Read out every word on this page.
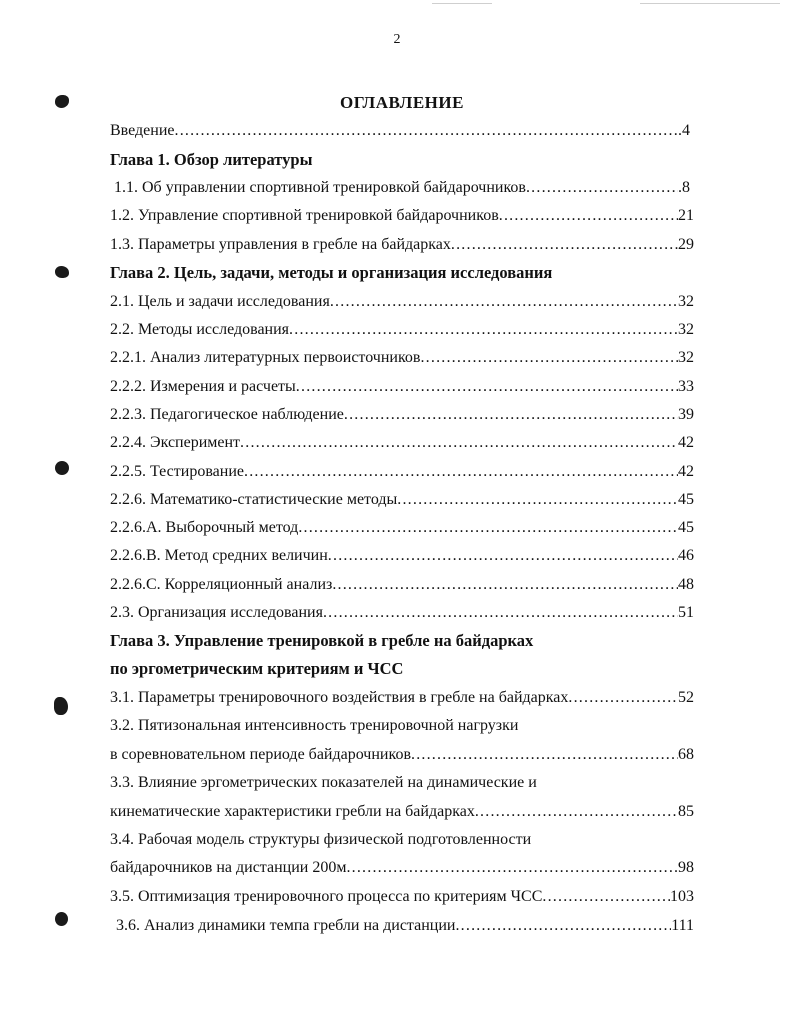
2
ОГЛАВЛЕНИЕ
Введение .....	.4
Глава 1. Обзор литературы
1.1. Об управлении спортивной тренировкой байдарочников .....	.8
1.2. Управление спортивной тренировкой байдарочников .....	21
1.3. Параметры управления в гребле на байдарках .....	29
Глава 2. Цель, задачи, методы и организация исследования
2.1. Цель и задачи исследования .....	32
2.2. Методы исследования .....	32
2.2.1. Анализ литературных первоисточников .....	32
2.2.2. Измерения и расчеты .....	33
2.2.3. Педагогическое наблюдение .....	39
2.2.4. Эксперимент .....	42
2.2.5. Тестирование .....	42
2.2.6. Математико-статистические методы .....	45
2.2.6.А. Выборочный метод .....	45
2.2.6.В. Метод средних величин .....	46
2.2.6.С. Корреляционный анализ .....	48
2.3. Организация исследования .....	51
Глава 3. Управление тренировкой в гребле на байдарках
по эргометрическим критериям и ЧСС
3.1. Параметры тренировочного воздействия в гребле на байдарках .....	52
3.2. Пятизональная интенсивность тренировочной нагрузки
в соревновательном периоде байдарочников .....	68
3.3. Влияние эргометрических показателей на динамические и
кинематические характеристики гребли на байдарках .....	85
3.4. Рабочая модель структуры физической подготовленности
байдарочников на дистанции 200м .....	98
3.5. Оптимизация тренировочного процесса по критериям ЧСС .....	103
3.6. Анализ динамики темпа гребли на дистанции .....	111
